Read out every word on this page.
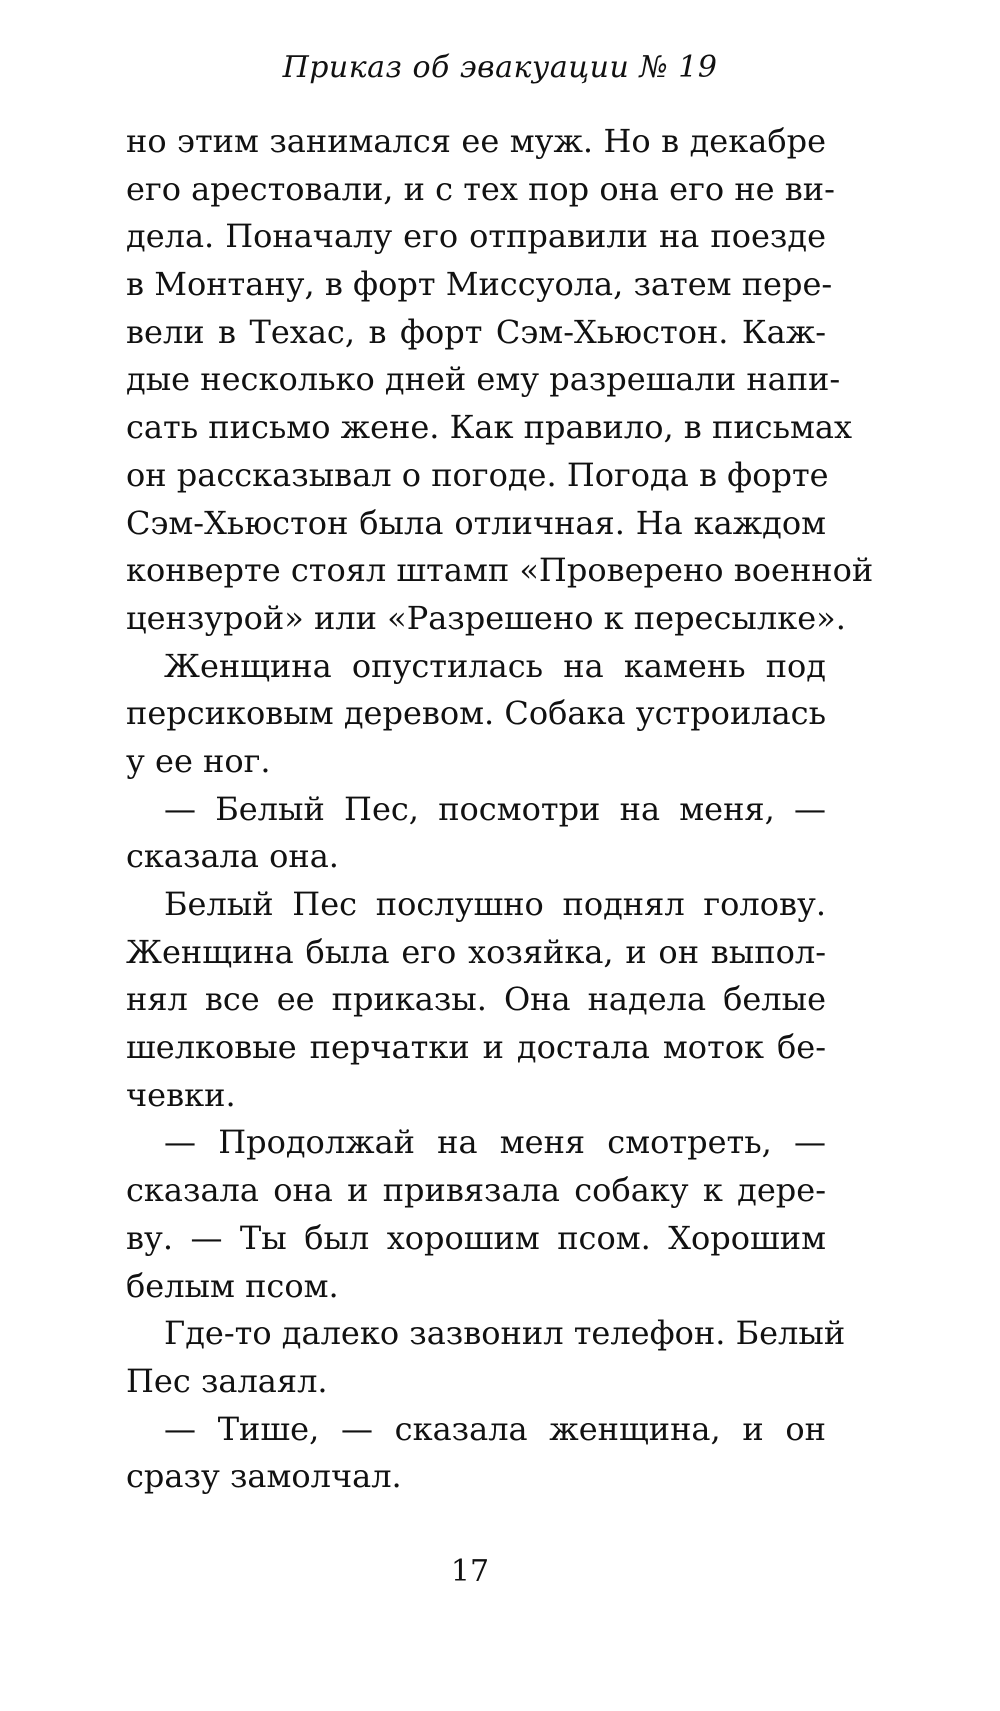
Приказ об эвакуации № 19
но этим занимался ее муж. Но в декабре
его арестовали, и с тех пор она его не ви-
дела. Поначалу его отправили на поезде
в Монтану, в форт Миссуола, затем пере-
вели в Техас, в форт Сэм-Хьюстон. Каж-
дые несколько дней ему разрешали напи-
сать письмо жене. Как правило, в письмах
он рассказывал о погоде. Погода в форте
Сэм-Хьюстон была отличная. На каждом
конверте стоял штамп «Проверено военной
цензурой» или «Разрешено к пересылке».
Женщина опустилась на камень под
персиковым деревом. Собака устроилась
у ее ног.
— Белый Пес, посмотри на меня, —
сказала она.
Белый Пес послушно поднял голову.
Женщина была его хозяйка, и он выпол-
нял все ее приказы. Она надела белые
шелковые перчатки и достала моток бе-
чевки.
— Продолжай на меня смотреть, —
сказала она и привязала собаку к дере-
ву. — Ты был хорошим псом. Хорошим
белым псом.
Где-то далеко зазвонил телефон. Белый
Пес залаял.
— Тише, — сказала женщина, и он
сразу замолчал.
17
